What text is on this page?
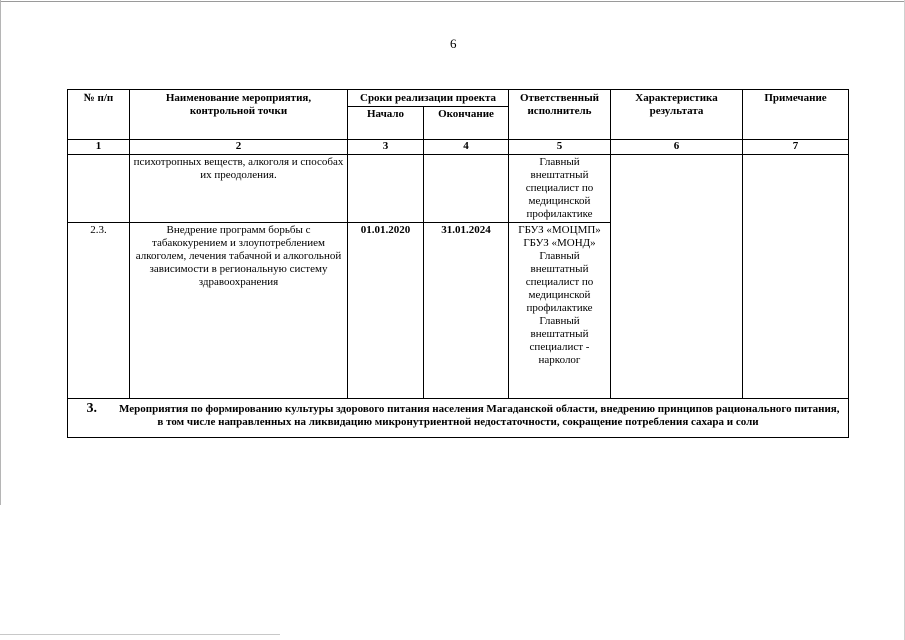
6
№ п/п	Наименование мероприятия, контрольной точки	Сроки реализации проекта		Ответственный исполнитель	Характеристика результата	Примечание
		Начало	Окончание			
1	2	3	4	5	6	7
	психотропных веществ, алкоголя и способах их преодоления.			Главный внештатный специалист по медицинской профилактике		
2.3.	Внедрение программ борьбы с табакокурением и злоупотреблением алкоголем, лечения табачной и алкогольной зависимости в региональную систему здравоохранения	01.01.2020	31.01.2024	ГБУЗ «МОЦМП» ГБУЗ «МОНД» Главный внештатный специалист по медицинской профилактике Главный внештатный специалист - нарколог		
3. Мероприятия по формированию культуры здорового питания населения Магаданской области, внедрению принципов рационального питания, в том числе направленных на ликвидацию микронутриентной недостаточности, сокращение потребления сахара и соли						
